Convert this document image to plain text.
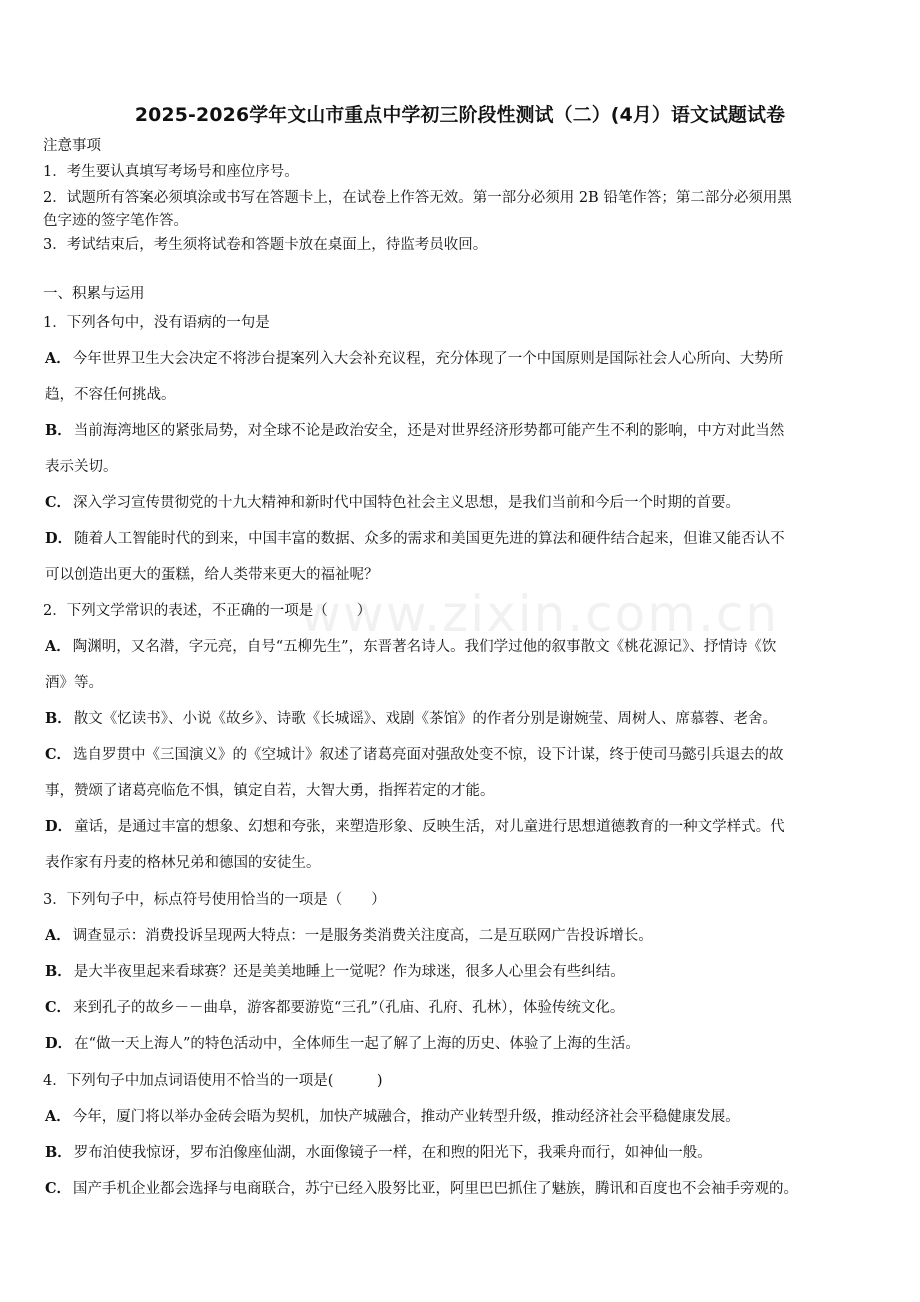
www.zixin.com.cn
2025-2026学年文山市重点中学初三阶段性测试（二）(4月）语文试题试卷
注意事项
1．考生要认真填写考场号和座位序号。
2．试题所有答案必须填涂或书写在答题卡上，在试卷上作答无效。第一部分必须用 2B 铅笔作答；第二部分必须用黑
色字迹的签字笔作答。
3．考试结束后，考生须将试卷和答题卡放在桌面上，待监考员收回。
一、积累与运用
1．下列各句中，没有语病的一句是
A． 今年世界卫生大会决定不将涉台提案列入大会补充议程，充分体现了一个中国原则是国际社会人心所向、大势所
趋，不容任何挑战。
B． 当前海湾地区的紧张局势，对全球不论是政治安全，还是对世界经济形势都可能产生不利的影响，中方对此当然
表示关切。
C． 深入学习宣传贯彻党的十九大精神和新时代中国特色社会主义思想，是我们当前和今后一个时期的首要。
D． 随着人工智能时代的到来，中国丰富的数据、众多的需求和美国更先进的算法和硬件结合起来，但谁又能否认不
可以创造出更大的蛋糕，给人类带来更大的福祉呢？
2．下列文学常识的表述，不正确的一项是（　　）
A． 陶渊明，又名潜，字元亮，自号“五柳先生”，东晋著名诗人。我们学过他的叙事散文《桃花源记》、抒情诗《饮
酒》等。
B． 散文《忆读书》、小说《故乡》、诗歌《长城谣》、戏剧《茶馆》的作者分别是谢婉莹、周树人、席慕蓉、老舍。
C． 选自罗贯中《三国演义》的《空城计》叙述了诸葛亮面对强敌处变不惊，设下计谋，终于使司马懿引兵退去的故
事，赞颂了诸葛亮临危不惧，镇定自若，大智大勇，指挥若定的才能。
D． 童话，是通过丰富的想象、幻想和夸张，来塑造形象、反映生活，对儿童进行思想道德教育的一种文学样式。代
表作家有丹麦的格林兄弟和德国的安徒生。
3．下列句子中，标点符号使用恰当的一项是（　　）
A． 调查显示：消费投诉呈现两大特点：一是服务类消费关注度高，二是互联网广告投诉增长。
B． 是大半夜里起来看球赛？还是美美地睡上一觉呢？作为球迷，很多人心里会有些纠结。
C． 来到孔子的故乡－－曲阜，游客都要游览“三孔”（孔庙、孔府、孔林），体验传统文化。
D． 在“做一天上海人”的特色活动中，全体师生一起了解了上海的历史、体验了上海的生活。
4．下列句子中加点词语使用不恰当的一项是(　　　)
A． 今年，厦门将以举办金砖会晤为契机，加快产城融合，推动产业转型升级，推动经济社会平稳健康发展。
B． 罗布泊使我惊讶，罗布泊像座仙湖，水面像镜子一样，在和煦的阳光下，我乘舟而行，如神仙一般。
C． 国产手机企业都会选择与电商联合，苏宁已经入股努比亚，阿里巴巴抓住了魅族，腾讯和百度也不会袖手旁观的。
